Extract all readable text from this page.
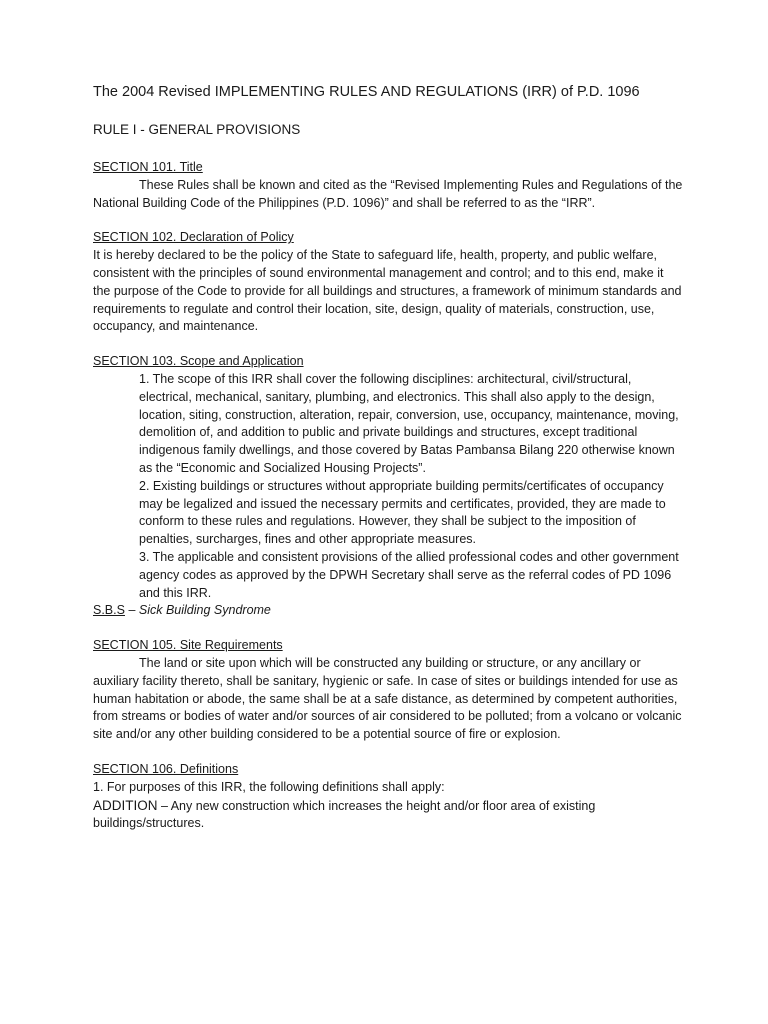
The 2004 Revised IMPLEMENTING RULES AND REGULATIONS (IRR) of P.D. 1096
RULE I - GENERAL PROVISIONS
SECTION 101. Title

These Rules shall be known and cited as the “Revised Implementing Rules and Regulations of the National Building Code of the Philippines (P.D. 1096)” and shall be referred to as the “IRR”.

SECTION 102. Declaration of Policy

It is hereby declared to be the policy of the State to safeguard life, health, property, and public welfare, consistent with the principles of sound environmental management and control; and to this end, make it the purpose of the Code to provide for all buildings and structures, a framework of minimum standards and requirements to regulate and control their location, site, design, quality of materials, construction, use, occupancy, and maintenance.

SECTION 103. Scope and Application

1. The scope of this IRR shall cover the following disciplines: architectural, civil/structural, electrical, mechanical, sanitary, plumbing, and electronics. This shall also apply to the design, location, siting, construction, alteration, repair, conversion, use, occupancy, maintenance, moving, demolition of, and addition to public and private buildings and structures, except traditional indigenous family dwellings, and those covered by Batas Pambansa Bilang 220 otherwise known as the “Economic and Socialized Housing Projects”.

2. Existing buildings or structures without appropriate building permits/certificates of occupancy may be legalized and issued the necessary permits and certificates, provided, they are made to conform to these rules and regulations. However, they shall be subject to the imposition of penalties, surcharges, fines and other appropriate measures.

3. The applicable and consistent provisions of the allied professional codes and other government agency codes as approved by the DPWH Secretary shall serve as the referral codes of PD 1096 and this IRR.

S.B.S – Sick Building Syndrome

SECTION 105. Site Requirements

The land or site upon which will be constructed any building or structure, or any ancillary or auxiliary facility thereto, shall be sanitary, hygienic or safe. In case of sites or buildings intended for use as human habitation or abode, the same shall be at a safe distance, as determined by competent authorities, from streams or bodies of water and/or sources of air considered to be polluted; from a volcano or volcanic site and/or any other building considered to be a potential source of fire or explosion.

SECTION 106. Definitions

1. For purposes of this IRR, the following definitions shall apply:

ADDITION – Any new construction which increases the height and/or floor area of existing buildings/structures.
